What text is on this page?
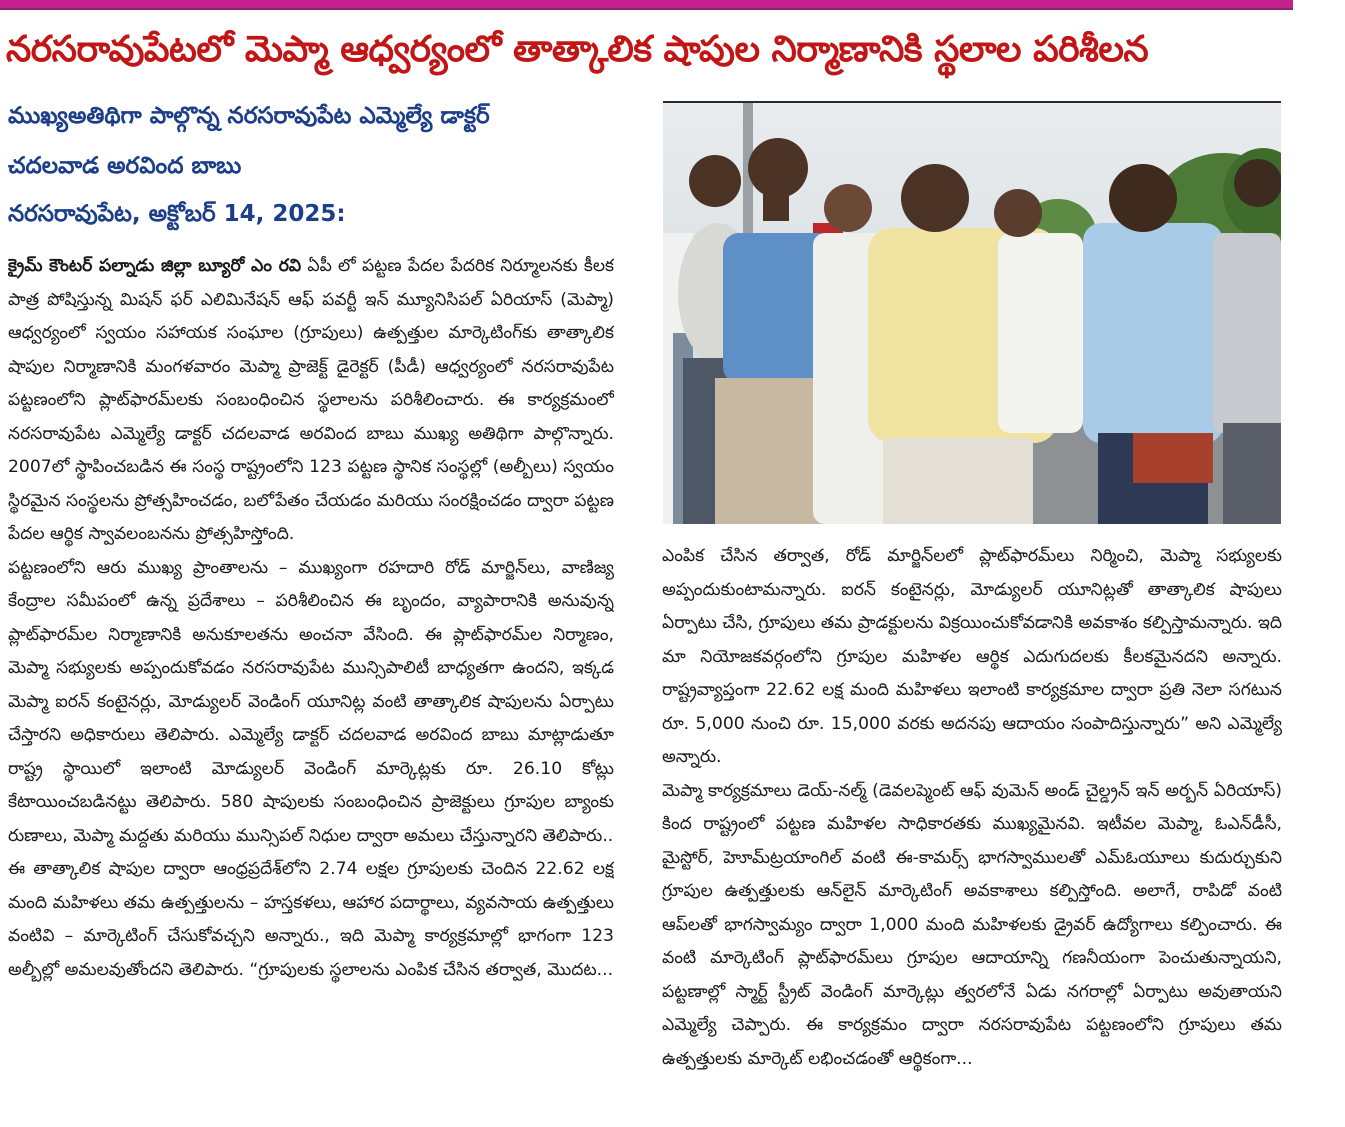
నరసరావుపేటలో మెప్మా ఆధ్వర్యంలో తాత్కాలిక షాపుల నిర్మాణానికి స్థలాల పరిశీలన
ముఖ్యఅతిథిగా పాల్గొన్న నరసరావుపేట ఎమ్మెల్యే డాక్టర్
చదలవాడ అరవింద బాబు
నరసరావుపేట, అక్టోబర్ 14, 2025:

క్రైమ్ కౌంటర్ పల్నాడు జిల్లా బ్యూరో ఎం రవి ఏపీ లో పట్టణ పేదల పేదరిక నిర్మూలనకు కీలక పాత్ర పోషిస్తున్న మిషన్ ఫర్ ఎలిమినేషన్ ఆఫ్ పవర్టీ ఇన్ మ్యూనిసిపల్ ఏరియాస్ (మెప్మా) ఆధ్వర్యంలో స్వయం సహాయక సంఘాల (గ్రూపులు) ఉత్పత్తుల మార్కెటింగ్‌కు తాత్కాలిక షాపుల నిర్మాణానికి మంగళవారం మెప్మా ప్రాజెక్ట్ డైరెక్టర్ (పీడీ) ఆధ్వర్యంలో నరసరావుపేట పట్టణంలోని ప్లాట్‌ఫారమ్‌లకు సంబంధించిన స్థలాలను పరిశీలించారు. ఈ కార్యక్రమంలో నరసరావుపేట ఎమ్మెల్యే డాక్టర్ చదలవాడ అరవింద బాబు ముఖ్య అతిథిగా పాల్గొన్నారు. 2007లో స్థాపించబడిన ఈ సంస్థ రాష్ట్రంలోని 123 పట్టణ స్థానిక సంస్థల్లో (అల్బీలు) స్వయం స్థిరమైన సంస్థలను ప్రోత్సహించడం, బలోపేతం చేయడం మరియు సంరక్షించడం ద్వారా పట్టణ పేదల ఆర్థిక స్వావలంబనను ప్రోత్సహిస్తోంది.

పట్టణంలోని ఆరు ముఖ్య ప్రాంతాలను – ముఖ్యంగా రహదారి రోడ్ మార్జిన్‌లు, వాణిజ్య కేంద్రాల సమీపంలో ఉన్న ప్రదేశాలు – పరిశీలించిన ఈ బృందం, వ్యాపారానికి అనువున్న ప్లాట్‌ఫారమ్‌ల నిర్మాణానికి అనుకూలతను అంచనా వేసింది. ఈ ప్లాట్‌ఫారమ్‌ల నిర్మాణం, మెప్మా సభ్యులకు అప్పందుకోవడం నరసరావుపేట మున్సిపాలిటీ బాధ్యతగా ఉందని, ఇక్కడ మెప్మా ఐరన్ కంటైనర్లు, మోడ్యులర్ వెండింగ్ యూనిట్ల వంటి తాత్కాలిక షాపులను ఏర్పాటు చేస్తారని అధికారులు తెలిపారు. ఎమ్మెల్యే డాక్టర్ చదలవాడ అరవింద బాబు మాట్లాడుతూ రాష్ట్ర స్థాయిలో ఇలాంటి మోడ్యులర్ వెండింగ్ మార్కెట్లకు రూ. 26.10 కోట్లు కేటాయించబడినట్టు తెలిపారు. 580 షాపులకు సంబంధించిన ప్రాజెక్టులు గ్రూపుల బ్యాంకు రుణాలు, మెప్మా మద్దతు మరియు మున్సిపల్ నిధుల ద్వారా అమలు చేస్తున్నారని తెలిపారు..

ఈ తాత్కాలిక షాపుల ద్వారా ఆంధ్రప్రదేశ్‌లోని 2.74 లక్షల గ్రూపులకు చెందిన 22.62 లక్ష మంది మహిళలు తమ ఉత్పత్తులను – హస్తకళలు, ఆహార పదార్థాలు, వ్యవసాయ ఉత్పత్తులు వంటివి – మార్కెటింగ్ చేసుకోవచ్చని అన్నారు., ఇది మెప్మా కార్యక్రమాల్లో భాగంగా 123 అల్బీల్లో అమలవుతోందని తెలిపారు. “గ్రూపులకు స్థలాలను ఎంపిక చేసిన తర్వాత, మొదట...

ఎంపిక చేసిన తర్వాత, రోడ్ మార్జిన్‌లలో ప్లాట్‌ఫారమ్‌లు నిర్మించి, మెప్మా సభ్యులకు అప్పందుకుంటామన్నారు. ఐరన్ కంటైనర్లు, మోడ్యులర్ యూనిట్లతో తాత్కాలిక షాపులు ఏర్పాటు చేసి, గ్రూపులు తమ ప్రాడక్టులను విక్రయించుకోవడానికి అవకాశం కల్పిస్తామన్నారు. ఇది మా నియోజకవర్గంలోని గ్రూపుల మహిళల ఆర్థిక ఎదుగుదలకు కీలకమైనదని అన్నారు. రాష్ట్రవ్యాప్తంగా 22.62 లక్ష మంది మహిళలు ఇలాంటి కార్యక్రమాల ద్వారా ప్రతి నెలా సగటున రూ. 5,000 నుంచి రూ. 15,000 వరకు అదనపు ఆదాయం సంపాదిస్తున్నారు” అని ఎమ్మెల్యే అన్నారు.

మెప్మా కార్యక్రమాలు డెయ్-నల్మ్ (డెవలప్మెంట్ ఆఫ్ వుమెన్ అండ్ చైల్డ్రన్ ఇన్ అర్బన్ ఏరియాస్) కింద రాష్ట్రంలో పట్టణ మహిళల సాధికారతకు ముఖ్యమైనవి. ఇటీవల మెప్మా, ఓఎన్‌డీసీ, మైస్టోర్, హెూమ్‌ట్రయాంగిల్ వంటి ఈ-కామర్స్ భాగస్వాములతో ఎమ్‌ఓయూలు కుదుర్చుకుని గ్రూపుల ఉత్పత్తులకు ఆన్‌లైన్ మార్కెటింగ్ అవకాశాలు కల్పిస్తోంది. అలాగే, రాపిడో వంటి ఆప్‌లతో భాగస్వామ్యం ద్వారా 1,000 మంది మహిళలకు డ్రైవర్ ఉద్యోగాలు కల్పించారు. ఈ వంటి మార్కెటింగ్ ప్లాట్‌ఫారమ్‌లు గ్రూపుల ఆదాయాన్ని గణనీయంగా పెంచుతున్నాయని, పట్టణాల్లో స్మార్ట్ స్ట్రీట్ వెండింగ్ మార్కెట్లు త్వరలోనే ఏడు నగరాల్లో ఏర్పాటు అవుతాయని ఎమ్మెల్యే చెప్పారు. ఈ కార్యక్రమం ద్వారా నరసరావుపేట పట్టణంలోని గ్రూపులు తమ ఉత్పత్తులకు మార్కెట్ లభించడంతో ఆర్థికంగా...
